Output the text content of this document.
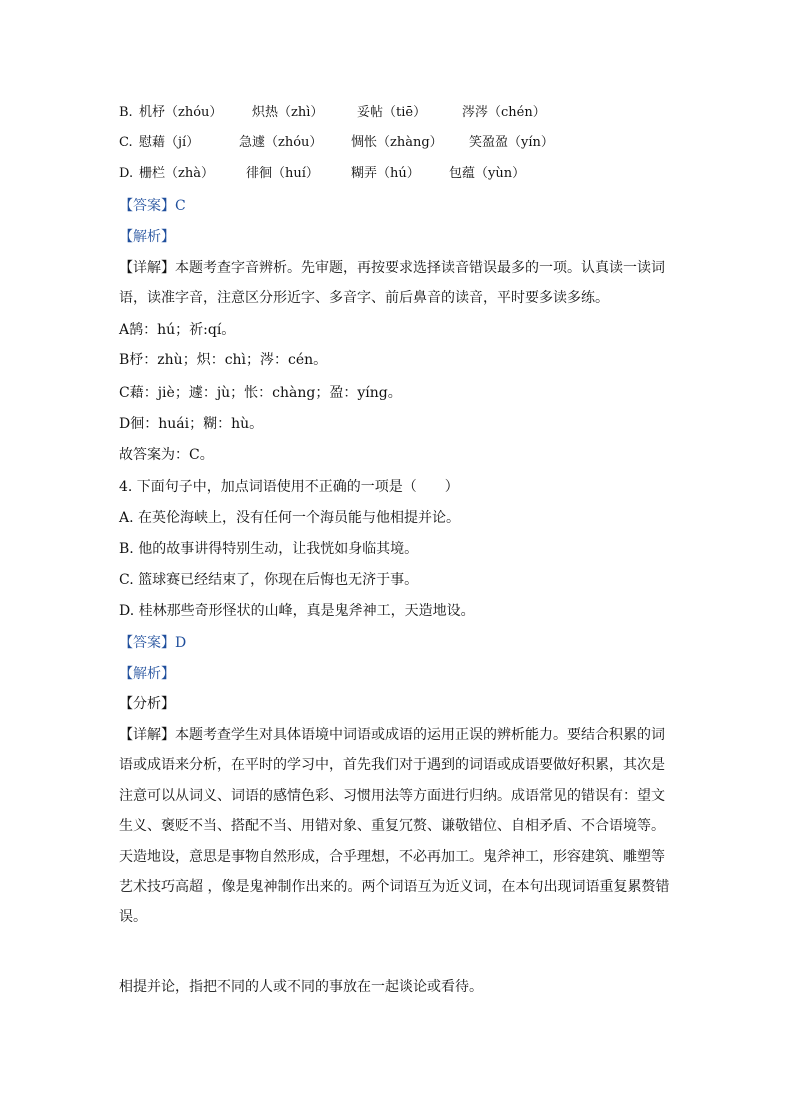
B. 机杼（zhóu） 炽热（zhì）	妥帖（tiē）	涔涔（chén）
C. 慰藉（jí）	急遽（zhóu） 惆怅（zhàng） 笑盈盈（yín）
D. 栅栏（zhà） 徘徊（huí） 糊弄（hú） 包蕴（yùn）
【答案】C
【解析】
【详解】本题考查字音辨析。先审题，再按要求选择读音错误最多的一项。认真读一读词语，读准字音，注意区分形近字、多音字、前后鼻音的读音，平时要多读多练。
A鹄：hú；祈:qí。
B杼：zhù；炽：chì；涔：cén。
C藉：jiè；遽：jù；怅：chàng；盈：yíng。
D徊：huái；糊：hù。
故答案为：C。
4. 下面句子中，加点词语使用不正确的一项是（　　）
A. 在英伦海峡上，没有任何一个海员能与他相提并论。
B. 他的故事讲得特别生动，让我恍如身临其境。
C. 篮球赛已经结束了，你现在后悔也无济于事。
D. 桂林那些奇形怪状的山峰，真是鬼斧神工，天造地设。
【答案】D
【解析】
【分析】
【详解】本题考查学生对具体语境中词语或成语的运用正误的辨析能力。要结合积累的词语或成语来分析，在平时的学习中，首先我们对于遇到的词语或成语要做好积累，其次是注意可以从词义、词语的感情色彩、习惯用法等方面进行归纳。成语常见的错误有：望文生义、褒贬不当、搭配不当、用错对象、重复冗赘、谦敬错位、自相矛盾、不合语境等。天造地设，意思是事物自然形成，合乎理想，不必再加工。鬼斧神工，形容建筑、雕塑等艺术技巧高超 ，像是鬼神制作出来的。两个词语互为近义词，在本句出现词语重复累赘错误。
相提并论，指把不同的人或不同的事放在一起谈论或看待。
